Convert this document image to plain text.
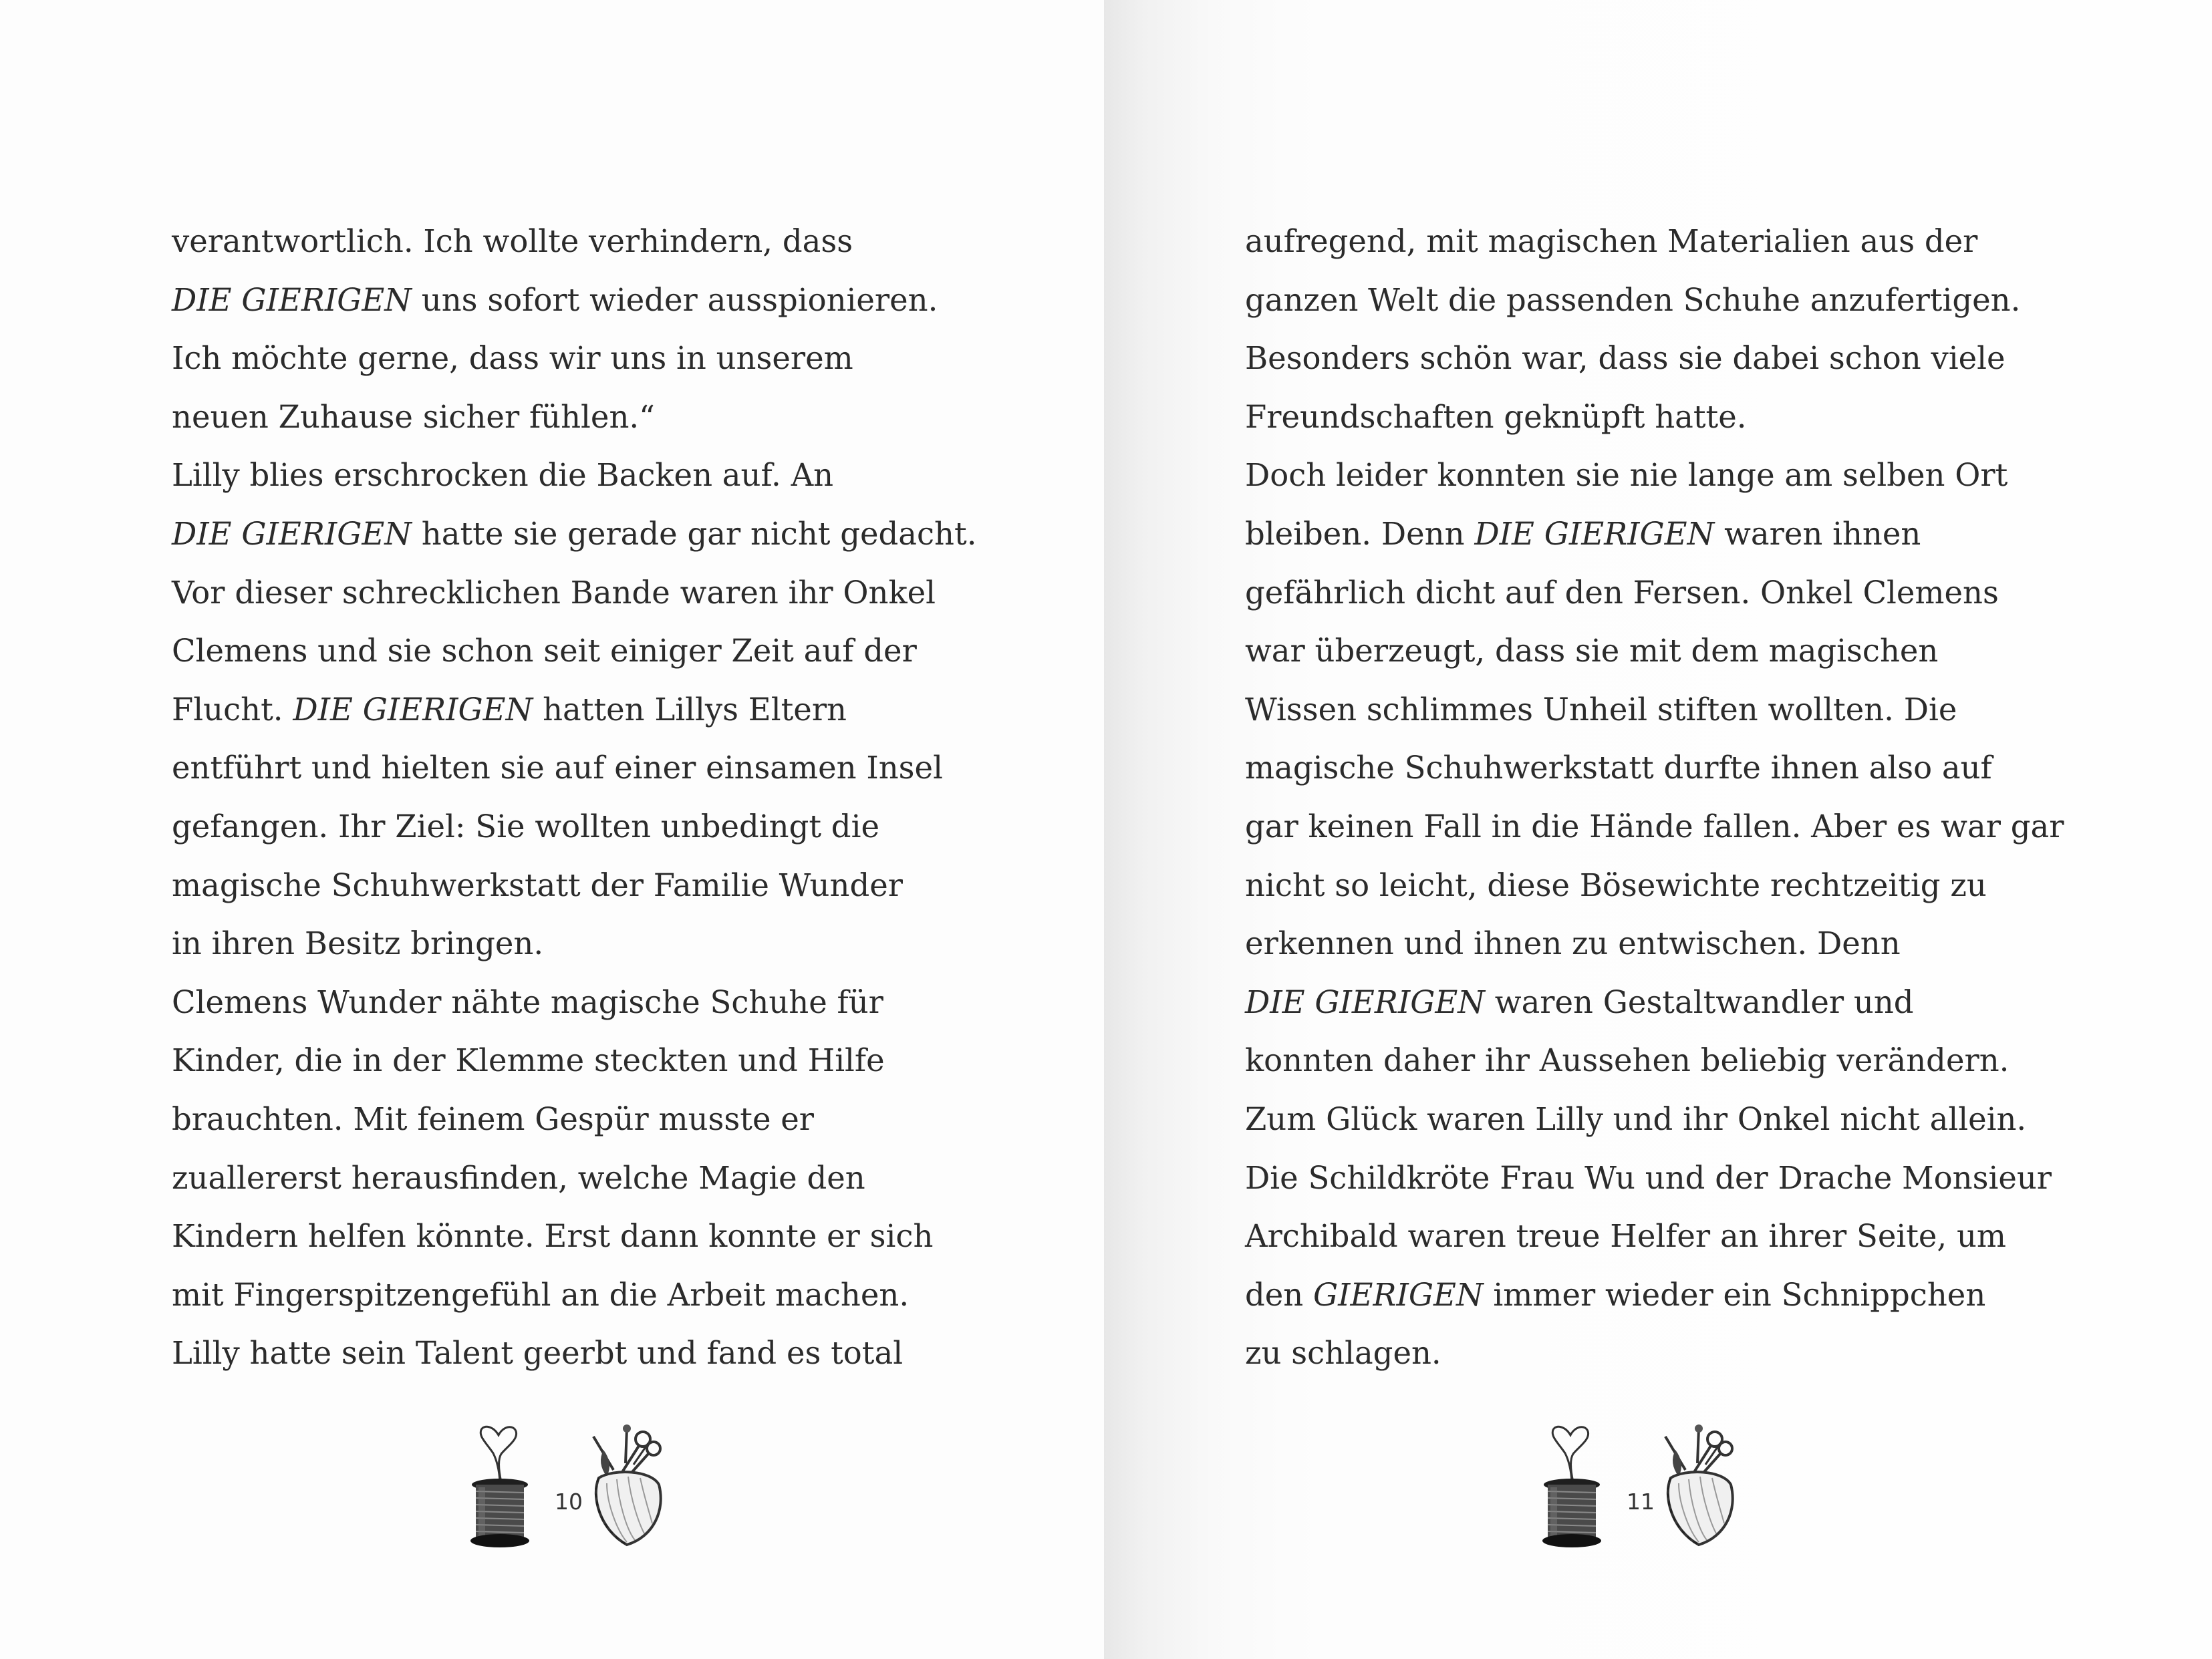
verantwortlich. Ich wollte verhindern, dass
DIE GIERIGEN uns sofort wieder ausspionieren.
Ich möchte gerne, dass wir uns in unserem
neuen Zuhause sicher fühlen.“
Lilly blies erschrocken die Backen auf. An
DIE GIERIGEN hatte sie gerade gar nicht gedacht.
Vor dieser schrecklichen Bande waren ihr Onkel
Clemens und sie schon seit einiger Zeit auf der
Flucht. DIE GIERIGEN hatten Lillys Eltern
entführt und hielten sie auf einer einsamen Insel
gefangen. Ihr Ziel: Sie wollten unbedingt die
magische Schuhwerkstatt der Familie Wunder
in ihren Besitz bringen.
Clemens Wunder nähte magische Schuhe für
Kinder, die in der Klemme steckten und Hilfe
brauchten. Mit feinem Gespür musste er
zuallererst herausfinden, welche Magie den
Kindern helfen könnte. Erst dann konnte er sich
mit Fingerspitzengefühl an die Arbeit machen.
Lilly hatte sein Talent geerbt und fand es total
10
aufregend, mit magischen Materialien aus der
ganzen Welt die passenden Schuhe anzufertigen.
Besonders schön war, dass sie dabei schon viele
Freundschaften geknüpft hatte.
Doch leider konnten sie nie lange am selben Ort
bleiben. Denn DIE GIERIGEN waren ihnen
gefährlich dicht auf den Fersen. Onkel Clemens
war überzeugt, dass sie mit dem magischen
Wissen schlimmes Unheil stiften wollten. Die
magische Schuhwerkstatt durfte ihnen also auf
gar keinen Fall in die Hände fallen. Aber es war gar
nicht so leicht, diese Bösewichte rechtzeitig zu
erkennen und ihnen zu entwischen. Denn
DIE GIERIGEN waren Gestaltwandler und
konnten daher ihr Aussehen beliebig verändern.
Zum Glück waren Lilly und ihr Onkel nicht allein.
Die Schildkröte Frau Wu und der Drache Monsieur
Archibald waren treue Helfer an ihrer Seite, um
den GIERIGEN immer wieder ein Schnippchen
zu schlagen.
11
